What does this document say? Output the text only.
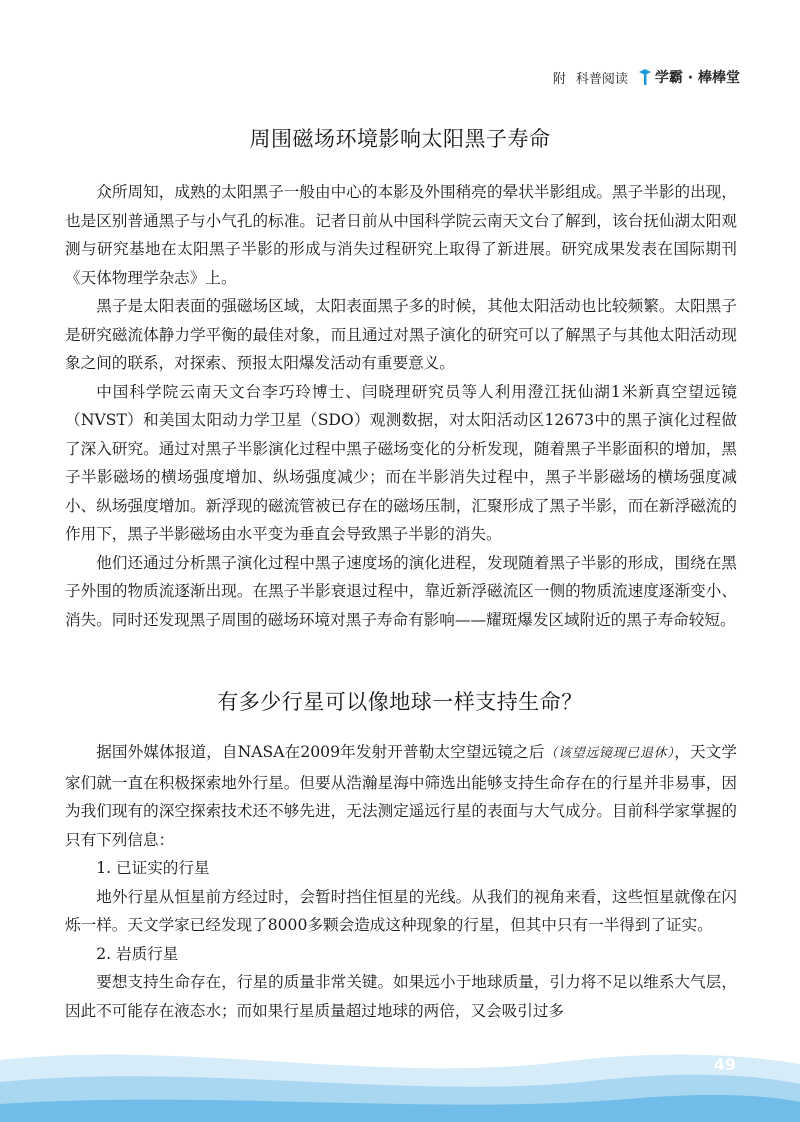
附 科普阅读 学霸 · 棒棒堂
周围磁场环境影响太阳黑子寿命

众所周知，成熟的太阳黑子一般由中心的本影及外围稍亮的晕状半影组成。黑子半影的出现，也是区别普通黑子与小气孔的标准。记者日前从中国科学院云南天文台了解到，该台抚仙湖太阳观测与研究基地在太阳黑子半影的形成与消失过程研究上取得了新进展。研究成果发表在国际期刊《天体物理学杂志》上。

黑子是太阳表面的强磁场区域，太阳表面黑子多的时候，其他太阳活动也比较频繁。太阳黑子是研究磁流体静力学平衡的最佳对象，而且通过对黑子演化的研究可以了解黑子与其他太阳活动现象之间的联系，对探索、预报太阳爆发活动有重要意义。

中国科学院云南天文台李巧玲博士、闫晓理研究员等人利用澄江抚仙湖1米新真空望远镜（NVST）和美国太阳动力学卫星（SDO）观测数据，对太阳活动区12673中的黑子演化过程做了深入研究。通过对黑子半影演化过程中黑子磁场变化的分析发现，随着黑子半影面积的增加，黑子半影磁场的横场强度增加、纵场强度减少；而在半影消失过程中，黑子半影磁场的横场强度减小、纵场强度增加。新浮现的磁流管被已存在的磁场压制，汇聚形成了黑子半影，而在新浮磁流的作用下，黑子半影磁场由水平变为垂直会导致黑子半影的消失。

他们还通过分析黑子演化过程中黑子速度场的演化进程，发现随着黑子半影的形成，围绕在黑子外围的物质流逐渐出现。在黑子半影衰退过程中，靠近新浮磁流区一侧的物质流速度逐渐变小、消失。同时还发现黑子周围的磁场环境对黑子寿命有影响——耀斑爆发区域附近的黑子寿命较短。

有多少行星可以像地球一样支持生命？

据国外媒体报道，自NASA在2009年发射开普勒太空望远镜之后（该望远镜现已退休），天文学家们就一直在积极探索地外行星。但要从浩瀚星海中筛选出能够支持生命存在的行星并非易事，因为我们现有的深空探索技术还不够先进，无法测定遥远行星的表面与大气成分。目前科学家掌握的只有下列信息：

1. 已证实的行星

地外行星从恒星前方经过时，会暂时挡住恒星的光线。从我们的视角来看，这些恒星就像在闪烁一样。天文学家已经发现了8000多颗会造成这种现象的行星，但其中只有一半得到了证实。

2. 岩质行星

要想支持生命存在，行星的质量非常关键。如果远小于地球质量，引力将不足以维系大气层，因此不可能存在液态水；而如果行星质量超过地球的两倍，又会吸引过多

49
